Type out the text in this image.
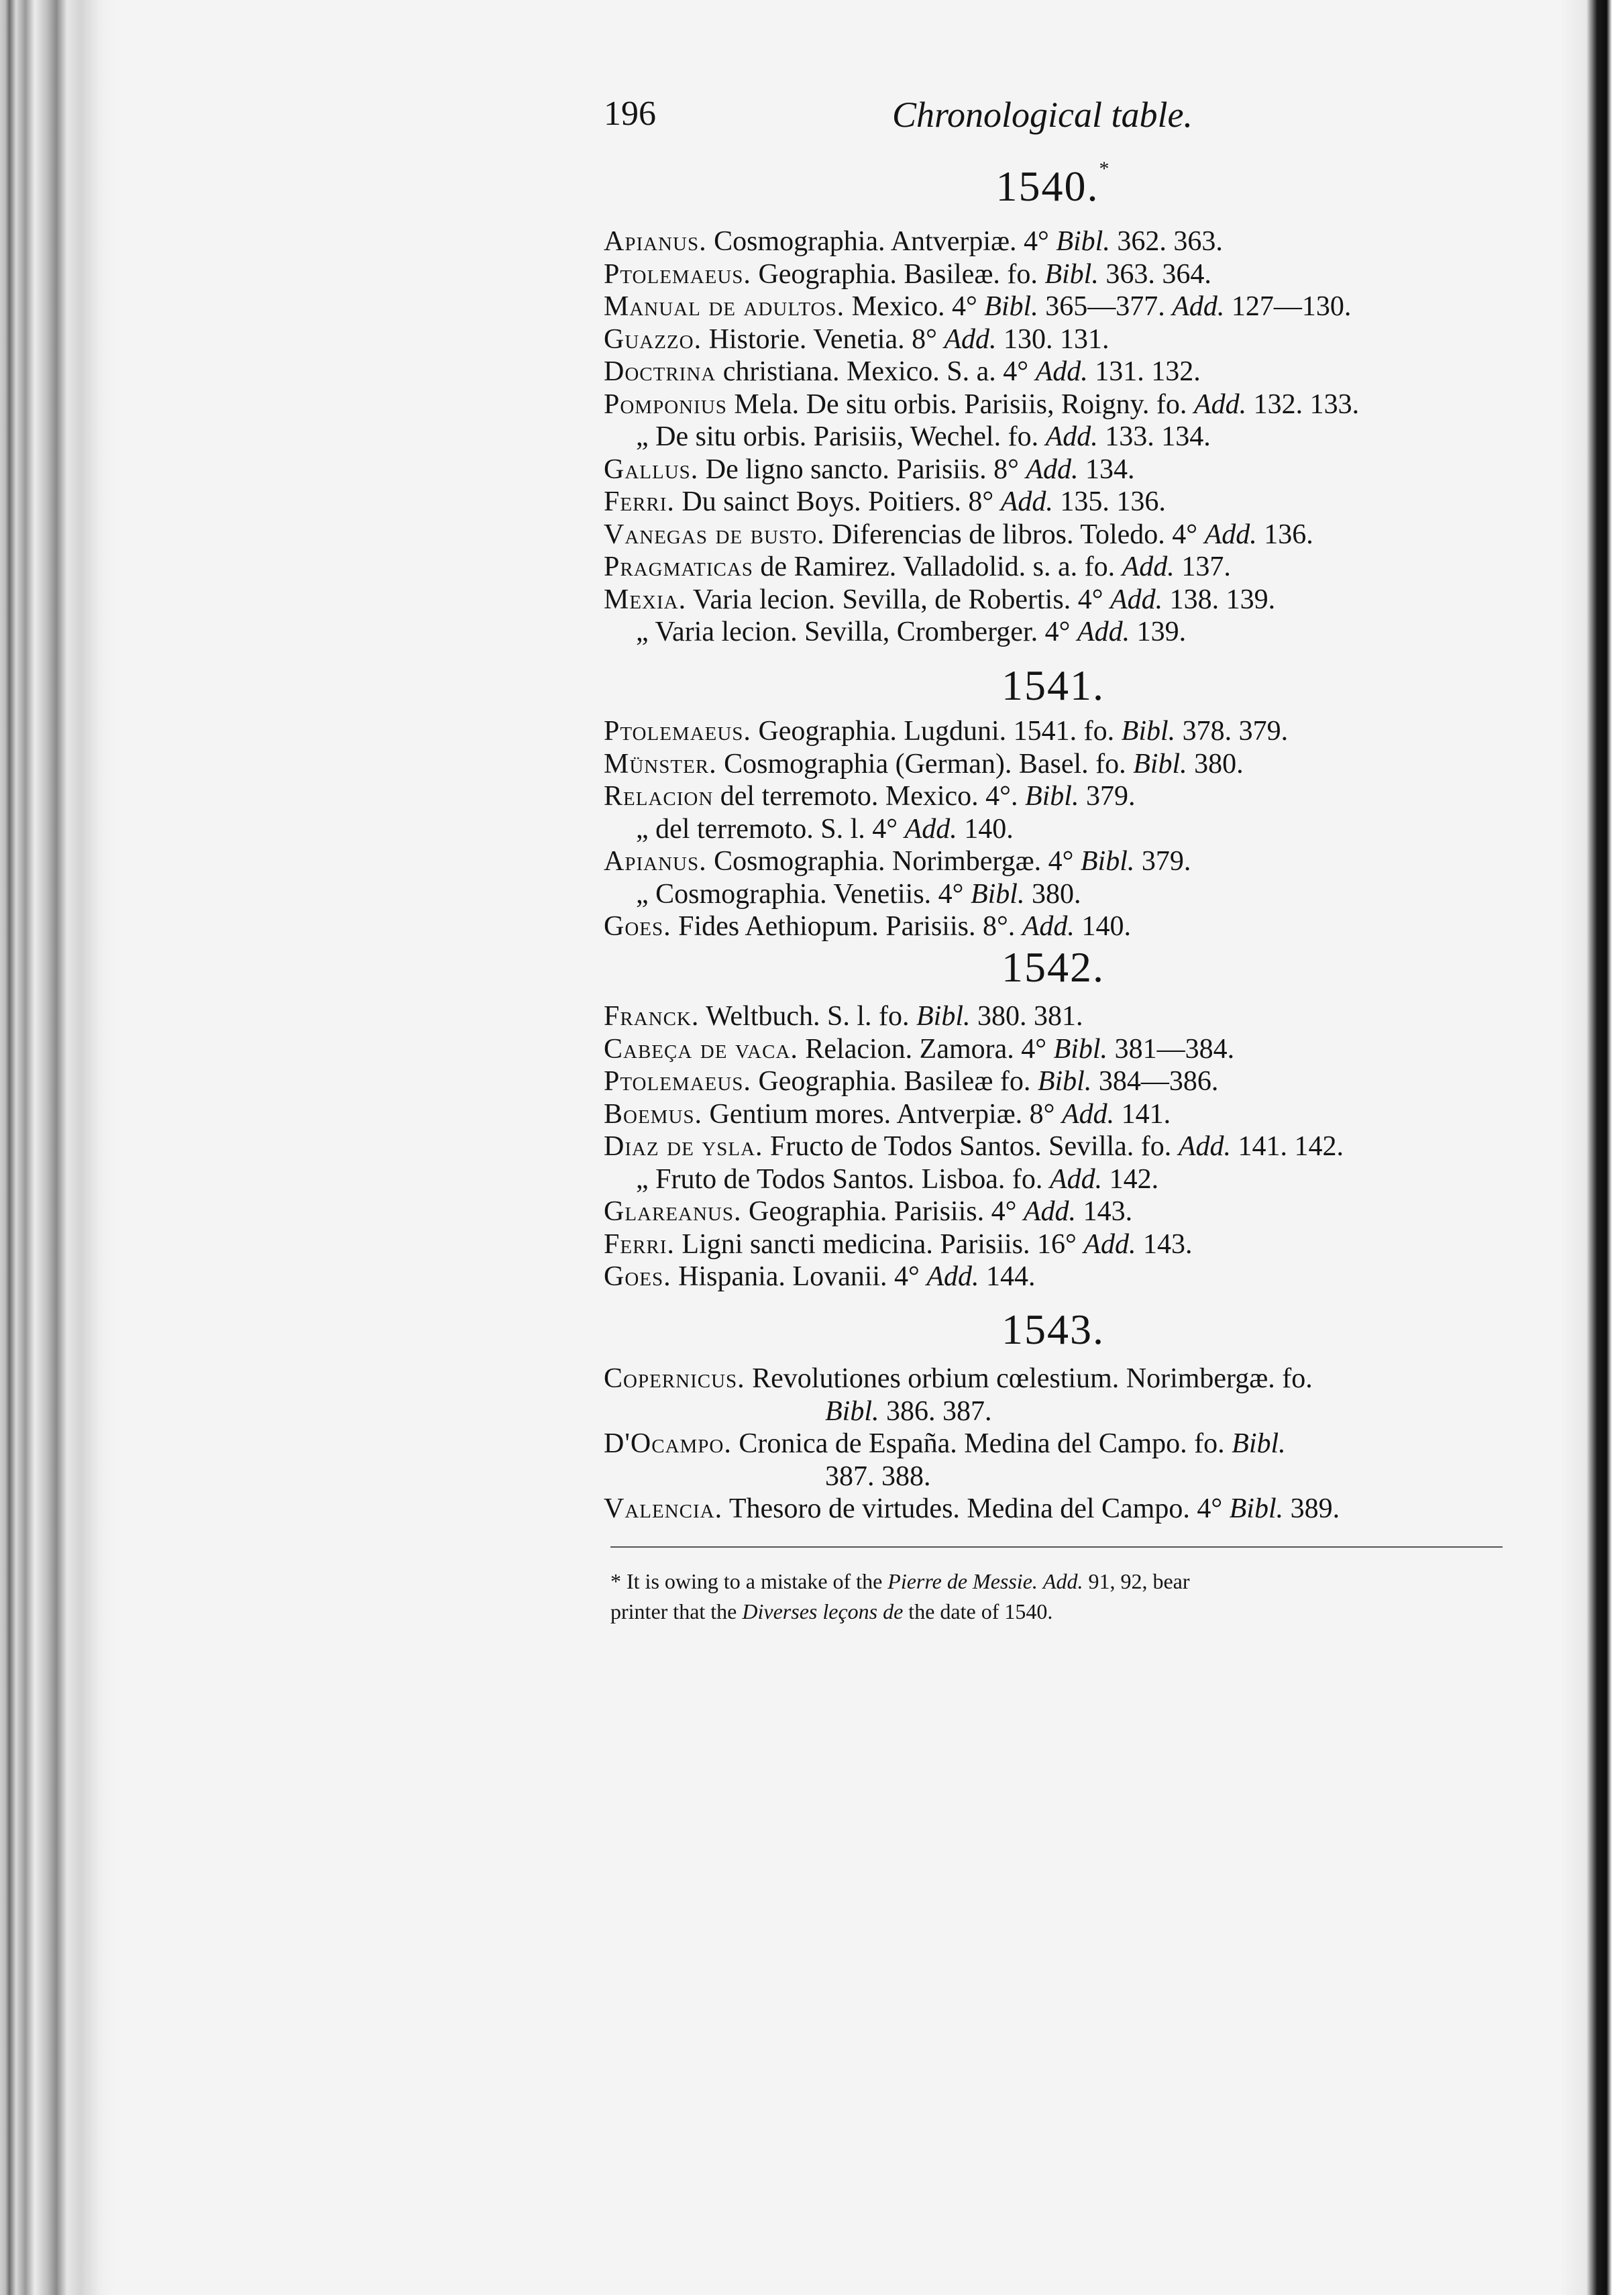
196	Chronological table.
1540.*
Apianus. Cosmographia. Antverpiæ. 4° Bibl. 362. 363.
Ptolemaeus. Geographia. Basileæ. fo. Bibl. 363. 364.
Manual de adultos. Mexico. 4° Bibl. 365—377. Add. 127—130.
Guazzo. Historie. Venetia. 8° Add. 130. 131.
Doctrina christiana. Mexico. S. a. 4° Add. 131. 132.
Pomponius Mela. De situ orbis. Parisiis, Roigny. fo. Add. 132. 133.
„ De situ orbis. Parisiis, Wechel. fo. Add. 133. 134.
Gallus. De ligno sancto. Parisiis. 8° Add. 134.
Ferri. Du sainct Boys. Poitiers. 8° Add. 135. 136.
Vanegas de busto. Diferencias de libros. Toledo. 4° Add. 136.
Pragmaticas de Ramirez. Valladolid. s. a. fo. Add. 137.
Mexia. Varia lecion. Sevilla, de Robertis. 4° Add. 138. 139.
„ Varia lecion. Sevilla, Cromberger. 4° Add. 139.
1541.
Ptolemaeus. Geographia. Lugduni. 1541. fo. Bibl. 378. 379.
Münster. Cosmographia (German). Basel. fo. Bibl. 380.
Relacion del terremoto. Mexico. 4°. Bibl. 379.
„ del terremoto. S. l. 4° Add. 140.
Apianus. Cosmographia. Norimbergæ. 4° Bibl. 379.
„ Cosmographia. Venetiis. 4° Bibl. 380.
Goes. Fides Aethiopum. Parisiis. 8°. Add. 140.
1542.
Franck. Weltbuch. S. l. fo. Bibl. 380. 381.
Cabeça de vaca. Relacion. Zamora. 4° Bibl. 381—384.
Ptolemaeus. Geographia. Basileæ fo. Bibl. 384—386.
Boemus. Gentium mores. Antverpiæ. 8° Add. 141.
Diaz de ysla. Fructo de Todos Santos. Sevilla. fo. Add. 141. 142.
„ Fruto de Todos Santos. Lisboa. fo. Add. 142.
Glareanus. Geographia. Parisiis. 4° Add. 143.
Ferri. Ligni sancti medicina. Parisiis. 16° Add. 143.
Goes. Hispania. Lovanii. 4° Add. 144.
1543.
Copernicus. Revolutiones orbium cœlestium. Norimbergæ. fo.
Bibl. 386. 387.
D'Ocampo. Cronica de España. Medina del Campo. fo. Bibl.
387. 388.
Valencia. Thesoro de virtudes. Medina del Campo. 4° Bibl. 389.
* It is owing to a mistake of the Pierre de Messie. Add. 91, 92, bear
printer that the Diverses leçons de the date of 1540.
